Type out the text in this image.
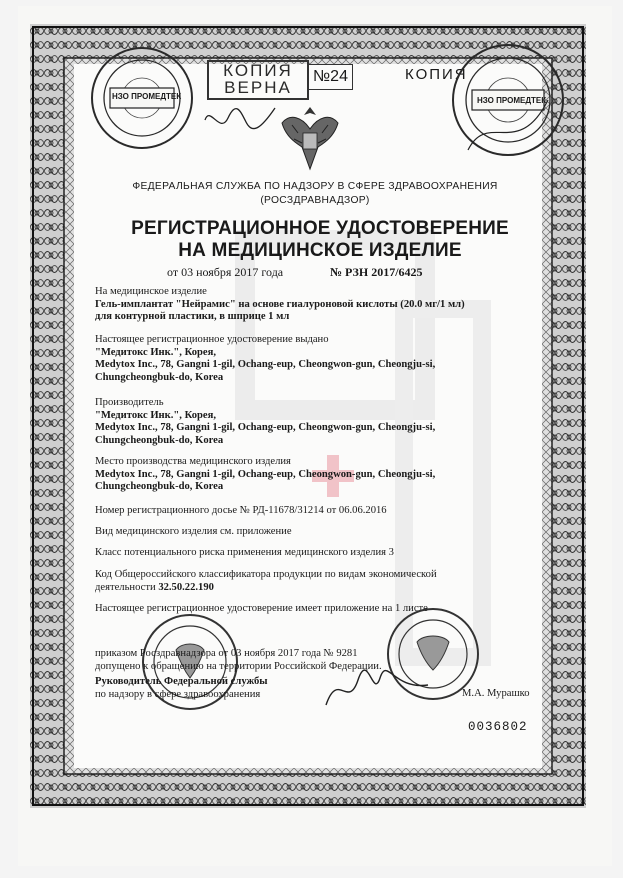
НЗО ПРОМЕДТЕК
КОПИЯ
ВЕРНА
№24	КОПИЯ
НЗО ПРОМЕДТЕК
ФЕДЕРАЛЬНАЯ СЛУЖБА ПО НАДЗОРУ В СФЕРЕ ЗДРАВООХРАНЕНИЯ
(РОСЗДРАВНАДЗОР)
РЕГИСТРАЦИОННОЕ УДОСТОВЕРЕНИЕ
НА МЕДИЦИНСКОЕ ИЗДЕЛИЕ
от 03 ноября 2017 года	№ РЗН 2017/6425
На медицинское изделие
Гель-имплантат "Нейрамис" на основе гиалуроновой кислоты (20.0 мг/1 мл)
для контурной пластики, в шприце 1 мл
Настоящее регистрационное удостоверение выдано
"Медитокс Инк.", Корея,
Medytox Inc., 78, Gangni 1-gil, Ochang-eup, Cheongwon-gun, Cheongju-si,
Chungcheongbuk-do, Korea
Производитель
"Медитокс Инк.", Корея,
Medytox Inc., 78, Gangni 1-gil, Ochang-eup, Cheongwon-gun, Cheongju-si,
Chungcheongbuk-do, Korea
Место производства медицинского изделия
Medytox Inc., 78, Gangni 1-gil, Ochang-eup, Cheongwon-gun, Cheongju-si,
Chungcheongbuk-do, Korea
Номер регистрационного досье № РД-11678/31214 от 06.06.2016
Вид медицинского изделия см. приложение
Класс потенциального риска применения медицинского изделия 3
Код Общероссийского классификатора продукции по видам экономической
деятельности 32.50.22.190
Настоящее регистрационное удостоверение имеет приложение на 1 листе
приказом Росздравнадзора от 03 ноября 2017 года № 9281
допущено к обращению на территории Российской Федерации.
Руководитель Федеральной службы
по надзору в сфере здравоохранения	М.А. Мурашко
0036802
